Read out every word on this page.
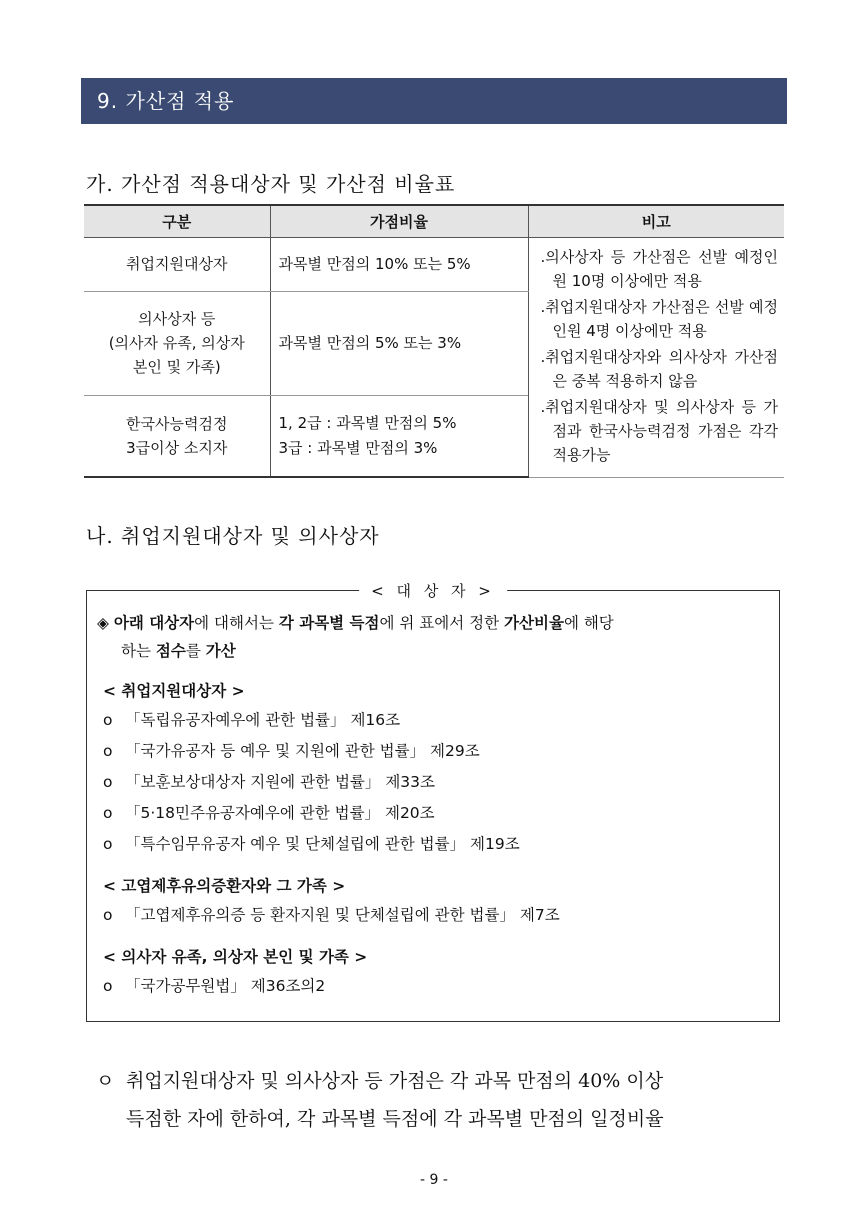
9. 가산점 적용
가. 가산점 적용대상자 및 가산점 비율표
구분	가점비율	비고
취업지원대상자	과목별 만점의 10% 또는 5%	.의사상자 등 가산점은 선발 예정인원 10명 이상에만 적용
.취업지원대상자 가산점은 선발 예정인원 4명 이상에만 적용
.취업지원대상자와 의사상자 가산점은 중복 적용하지 않음
.취업지원대상자 및 의사상자 등 가점과 한국사능력검정 가점은 각각 적용가능

의사상자 등
(의사자 유족, 의상자
본인 및 가족)	과목별 만점의 5% 또는 3%	
한국사능력검정
3급이상 소지자	1, 2급 : 과목별 만점의 5%
3급 : 과목별 만점의 3%	
나. 취업지원대상자 및 의사상자
< 대 상 자 >
◈ 아래 대상자에 대해서는 각 과목별 득점에 위 표에서 정한 가산비율에 해당
하는 점수를 가산
< 취업지원대상자 >
o 「독립유공자예우에 관한 법률」 제16조
o 「국가유공자 등 예우 및 지원에 관한 법률」 제29조
o 「보훈보상대상자 지원에 관한 법률」 제33조
o 「5·18민주유공자예우에 관한 법률」 제20조
o 「특수임무유공자 예우 및 단체설립에 관한 법률」 제19조
< 고엽제후유의증환자와 그 가족 >
o 「고엽제후유의증 등 환자지원 및 단체설립에 관한 법률」 제7조
< 의사자 유족, 의상자 본인 및 가족 >
o 「국가공무원법」 제36조의2
ㅇ 취업지원대상자 및 의사상자 등 가점은 각 과목 만점의 40% 이상
득점한 자에 한하여, 각 과목별 득점에 각 과목별 만점의 일정비율
- 9 -
